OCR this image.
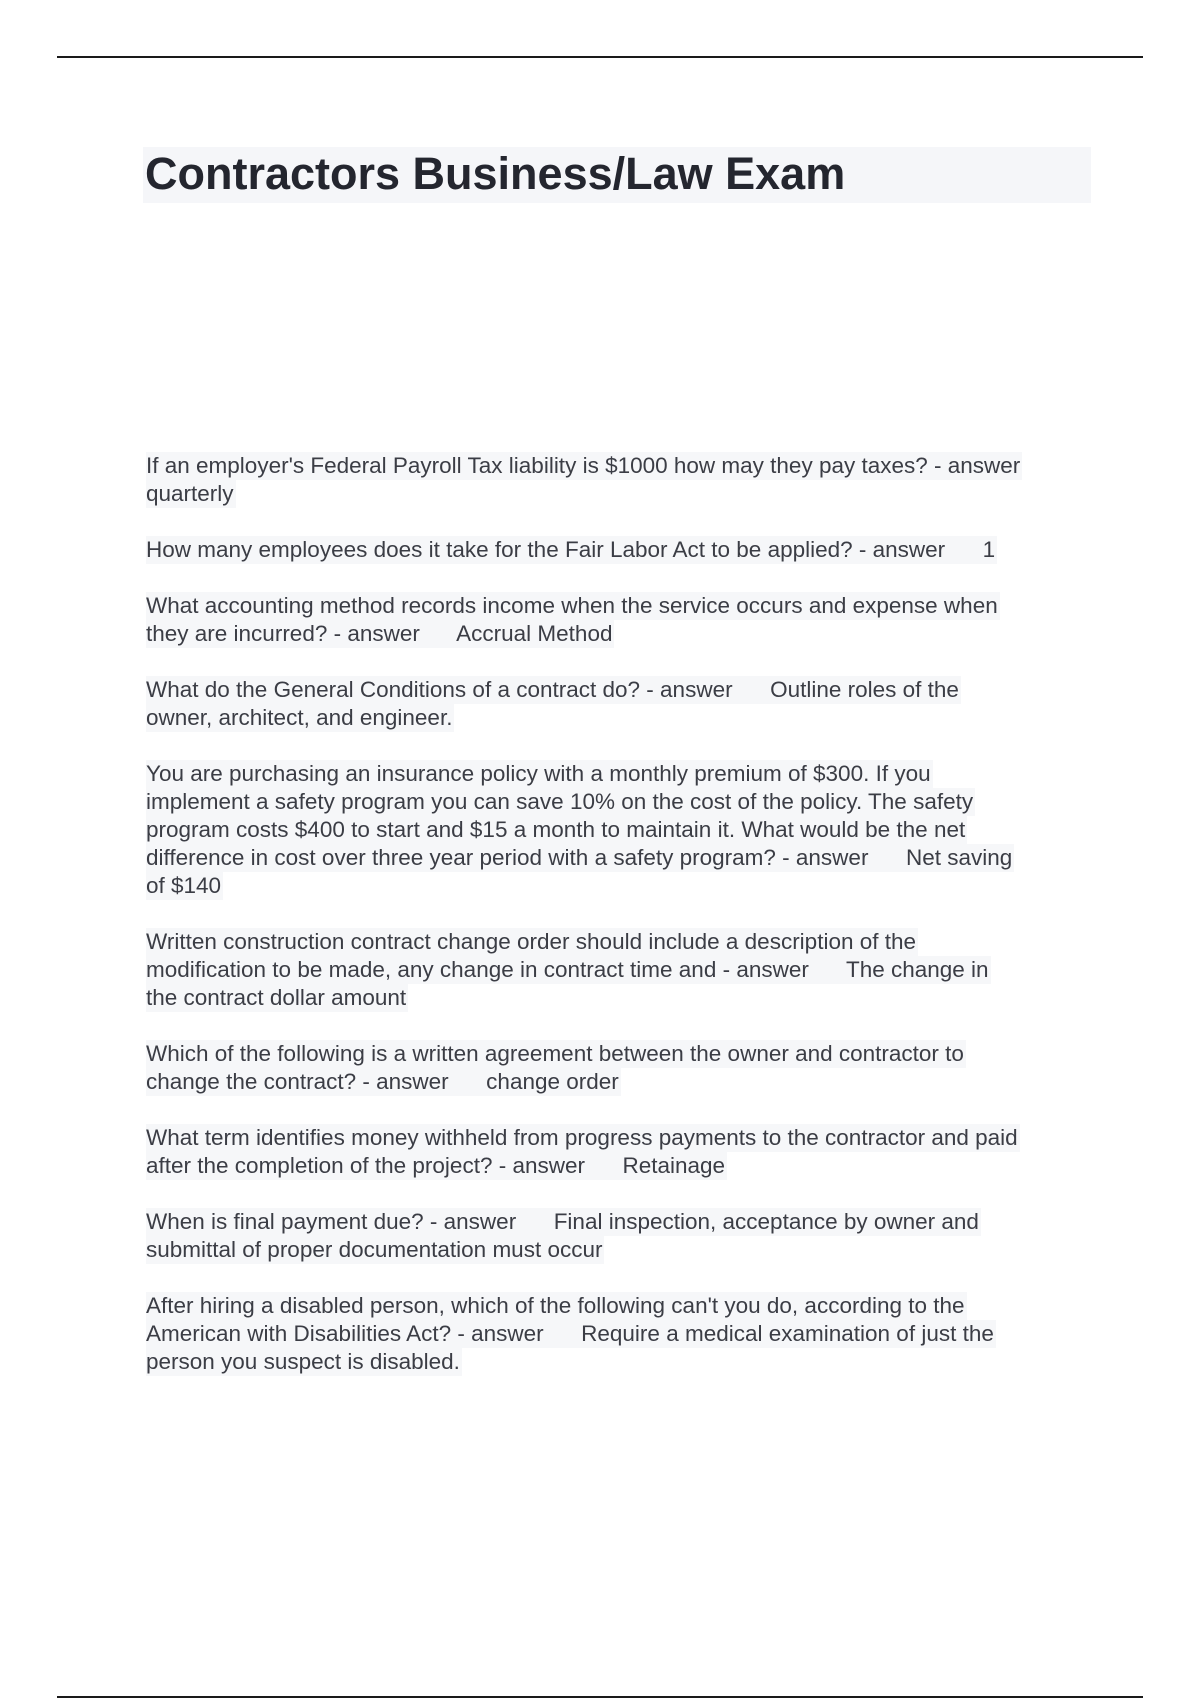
Contractors Business/Law Exam

If an employer's Federal Payroll Tax liability is $1000 how may they pay taxes? - answer
quarterly

How many employees does it take for the Fair Labor Act to be applied? - answer      1

What accounting method records income when the service occurs and expense when
they are incurred? - answer      Accrual Method

What do the General Conditions of a contract do? - answer      Outline roles of the
owner, architect, and engineer.

You are purchasing an insurance policy with a monthly premium of $300. If you
implement a safety program you can save 10% on the cost of the policy. The safety
program costs $400 to start and $15 a month to maintain it. What would be the net
difference in cost over three year period with a safety program? - answer      Net saving
of $140

Written construction contract change order should include a description of the
modification to be made, any change in contract time and - answer      The change in
the contract dollar amount

Which of the following is a written agreement between the owner and contractor to
change the contract? - answer      change order

What term identifies money withheld from progress payments to the contractor and paid
after the completion of the project? - answer      Retainage

When is final payment due? - answer      Final inspection, acceptance by owner and
submittal of proper documentation must occur

After hiring a disabled person, which of the following can't you do, according to the
American with Disabilities Act? - answer      Require a medical examination of just the
person you suspect is disabled.
